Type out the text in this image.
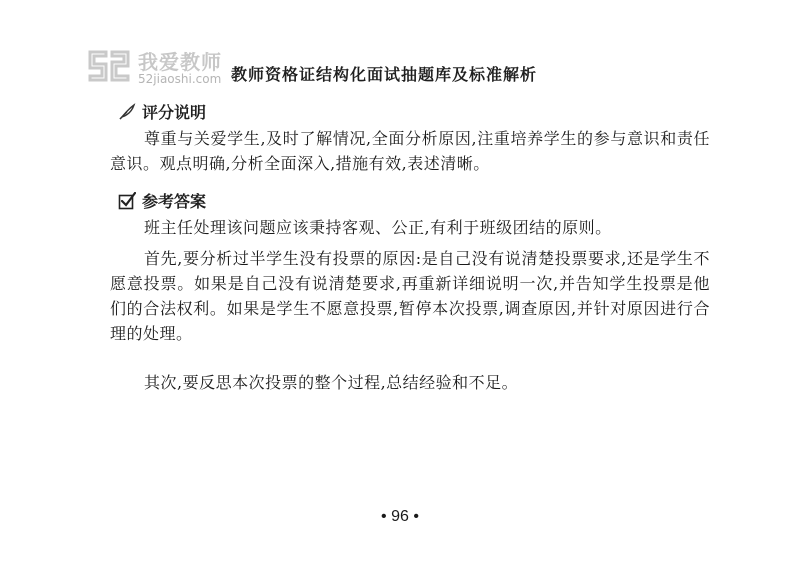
我爱教师
52jiaoshi.com 教师资格证结构化面试抽题库及标准解析
评分说明
尊重与关爱学生,及时了解情况,全面分析原因,注重培养学生的参与意识和责任意识。观点明确,分析全面深入,措施有效,表述清晰。
参考答案
班主任处理该问题应该秉持客观、公正,有利于班级团结的原则。
首先,要分析过半学生没有投票的原因:是自己没有说清楚投票要求,还是学生不愿意投票。如果是自己没有说清楚要求,再重新详细说明一次,并告知学生投票是他们的合法权利。如果是学生不愿意投票,暂停本次投票,调查原因,并针对原因进行合理的处理。
其次,要反思本次投票的整个过程,总结经验和不足。
• 96 •
